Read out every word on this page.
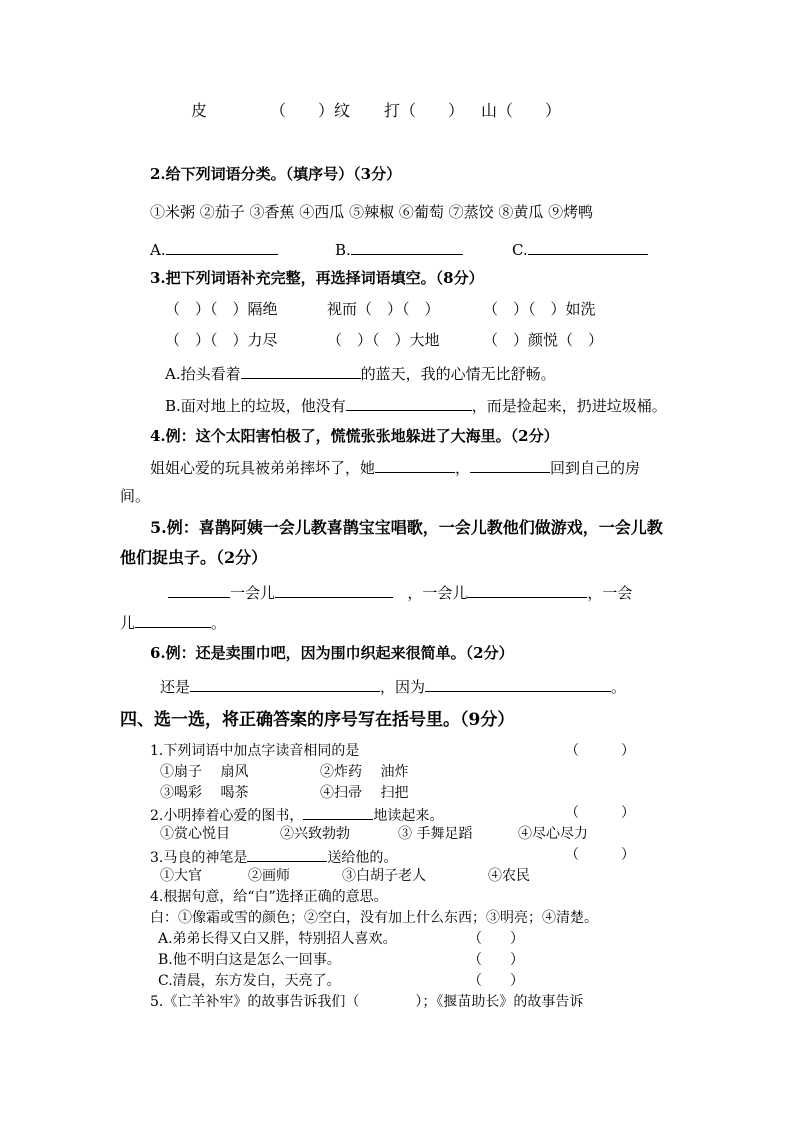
皮	（　　）纹 打（　　） 山（　　）
2.给下列词语分类。（填序号）（3分）
①米粥 ②茄子 ③香蕉 ④西瓜 ⑤辣椒 ⑥葡萄 ⑦蒸饺 ⑧黄瓜 ⑨烤鸭
A.	B.	C.
3.把下列词语补充完整，再选择词语填空。（8分）
（　）（　）隔绝	视而（　）（　）	（　）（　）如洗
（　）（　）力尽	（　）（　）大地	（　）颜悦（　）
A.抬头看着	的蓝天，我的心情无比舒畅。
B.面对地上的垃圾，他没有	，而是捡起来，扔进垃圾桶。
4.例：这个太阳害怕极了，慌慌张张地躲进了大海里。（2分）
姐姐心爱的玩具被弟弟摔坏了，她	，	回到自己的房
间。
5.例：喜鹊阿姨一会儿教喜鹊宝宝唱歌，一会儿教他们做游戏，一会儿教
他们捉虫子。（2分）
一会儿	，一会儿	，一会
儿	。
6.例：还是卖围巾吧，因为围巾织起来很简单。（2分）
还是	，因为	。
四、选一选，将正确答案的序号写在括号里。（9分）
1.下列词语中加点字读音相同的是	（　　　）
①扇子　 扇风	②炸药　 油炸
③喝彩　 喝茶	④扫帚　 扫把
2.小明捧着心爱的图书，	地读起来。	（　　　）
①赏心悦目	②兴致勃勃	③ 手舞足蹈	④尽心尽力
3.马良的神笔是	送给他的。	（　　　）
①大官	②画师	③白胡子老人	④农民
4.根据句意，给“白”选择正确的意思。
白：①像霜或雪的颜色；②空白，没有加上什么东西；③明亮；④清楚。
A.弟弟长得又白又胖，特别招人喜欢。	（　　）
B.他不明白这是怎么一回事。	（　　）
C.清晨，东方发白，天亮了。	（　　）
5.《亡羊补牢》的故事告诉我们（　　　　）；《揠苗助长》的故事告诉
